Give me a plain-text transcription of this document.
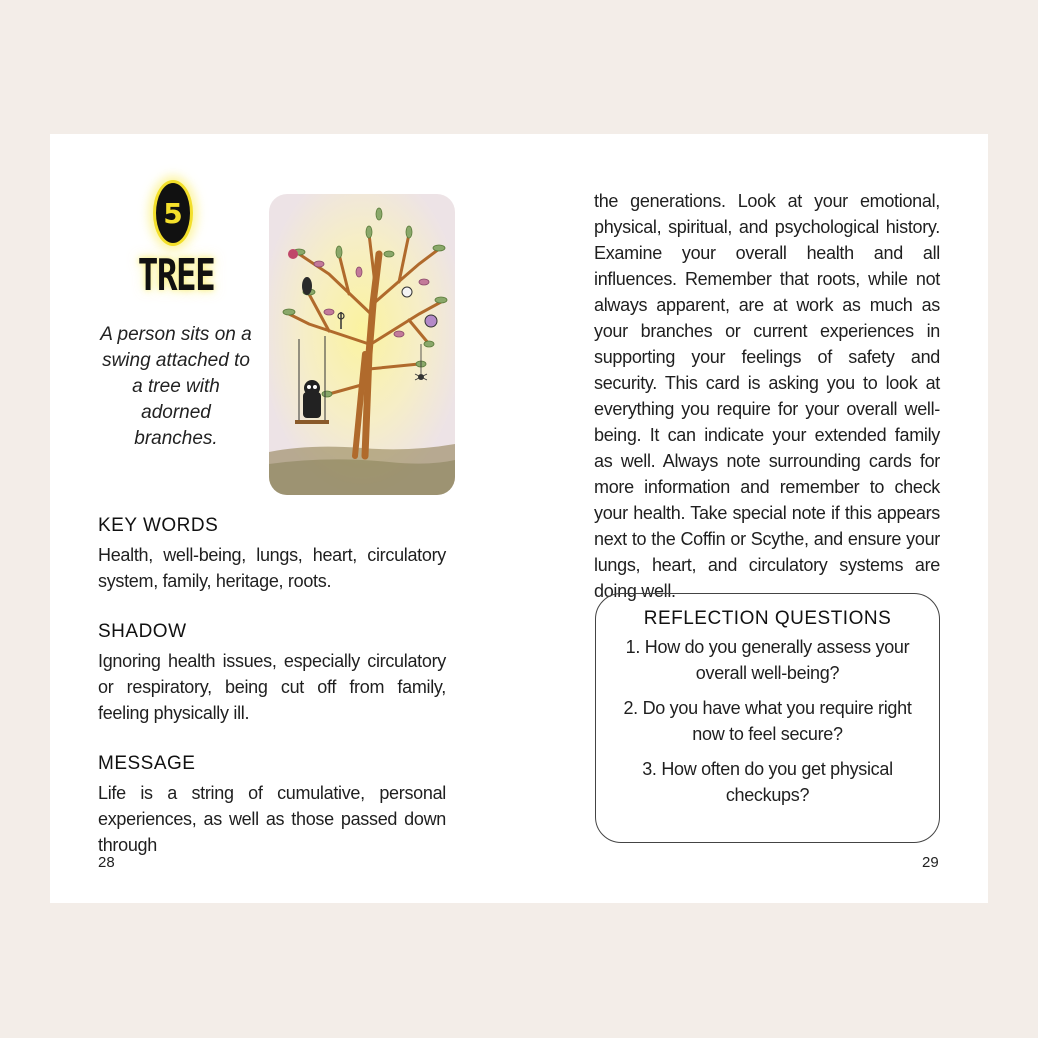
5
TREE
A person sits on a swing attached to a tree with adorned branches.
KEY WORDS

Health, well-being, lungs, heart, circulatory system, family, heritage, roots.

SHADOW

Ignoring health issues, especially circulatory or respiratory, being cut off from family, feeling physically ill.

MESSAGE

Life is a string of cumulative, personal experiences, as well as those passed down through

28

the generations. Look at your emotional, physical, spiritual, and psychological history. Examine your overall health and all influences. Remember that roots, while not always apparent, are at work as much as your branches or current experiences in supporting your feelings of safety and security. This card is asking you to look at everything you require for your overall well-being. It can indicate your extended family as well. Always note surrounding cards for more information and remember to check your health. Take special note if this appears next to the Coffin or Scythe, and ensure your lungs, heart, and circulatory systems are doing well.

REFLECTION QUESTIONS
1. How do you generally assess your overall well-being?
2. Do you have what you require right now to feel secure?
3. How often do you get physical checkups?
29
